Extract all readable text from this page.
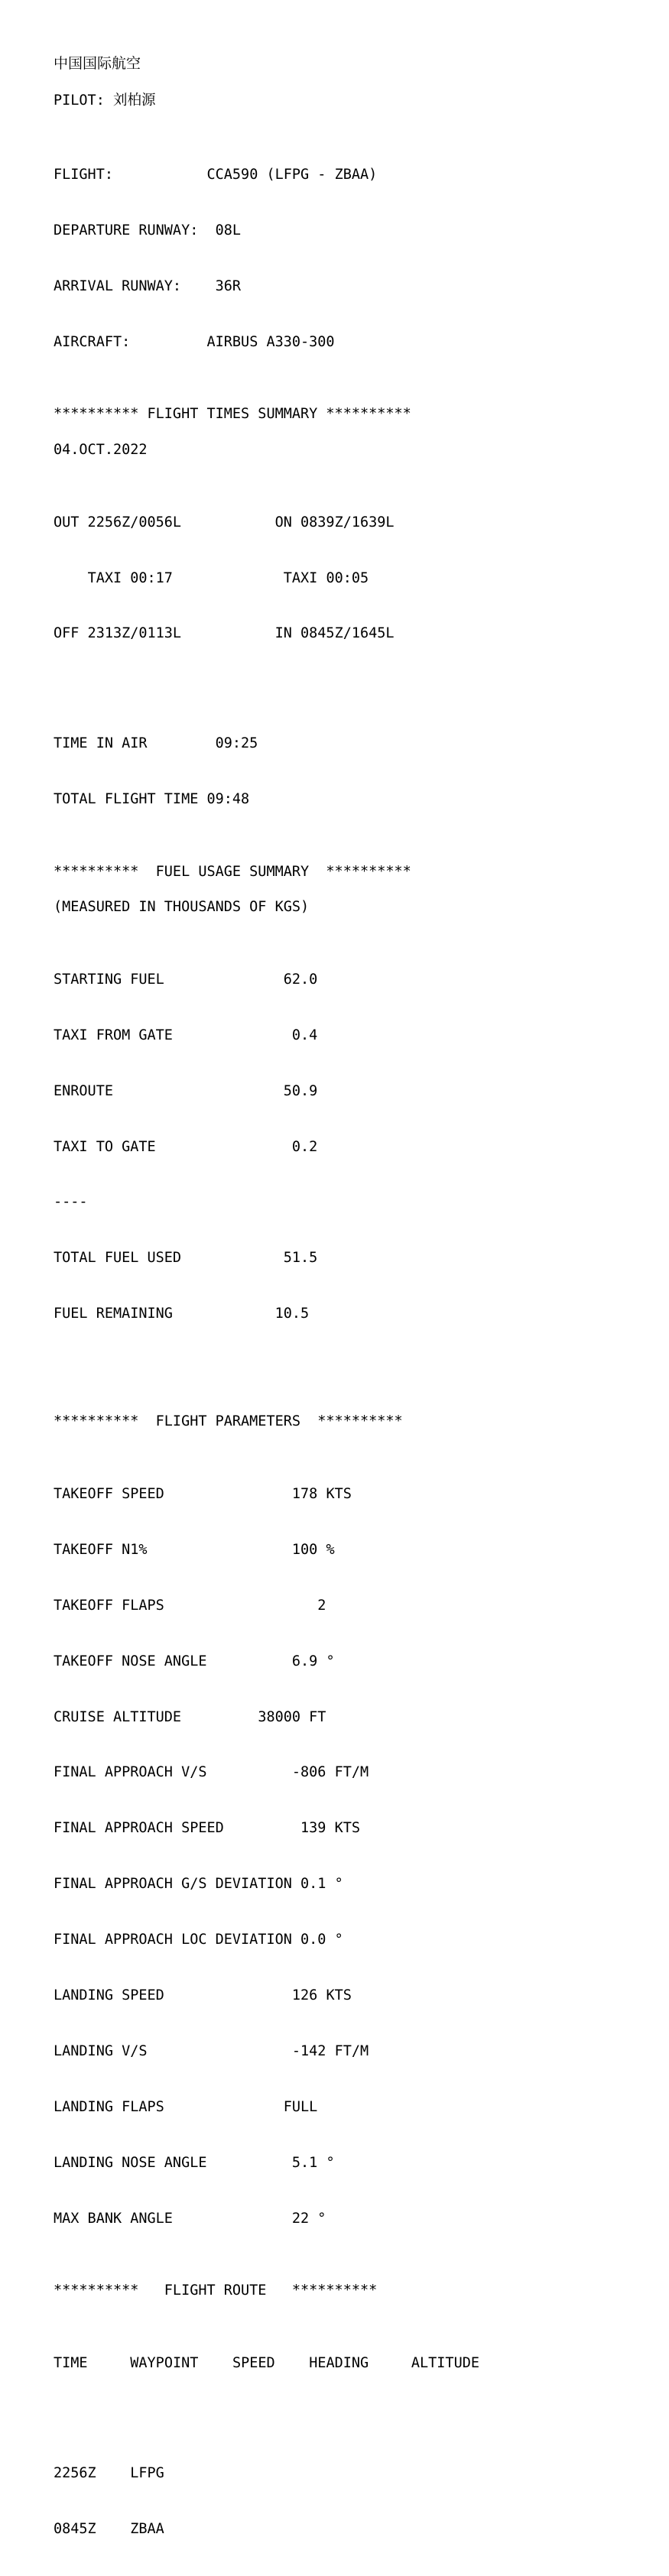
中国国际航空
PILOT: 刘柏源

FLIGHT:	CCA590 (LFPG - ZBAA)

DEPARTURE RUNWAY: 08L

ARRIVAL RUNWAY: 36R

AIRCRAFT:	AIRBUS A330-300

********** FLIGHT TIMES SUMMARY **********
04.OCT.2022

OUT 2256Z/0056L	ON 0839Z/1639L

TAXI 00:17	TAXI 00:05

OFF 2313Z/0113L	IN 0845Z/1645L

TIME IN AIR        09:25

TOTAL FLIGHT TIME 09:48

**********  FUEL USAGE SUMMARY  **********
(MEASURED IN THOUSANDS OF KGS)

STARTING FUEL	62.0

TAXI FROM GATE	0.4

ENROUTE	50.9

TAXI TO GATE	0.2

----

TOTAL FUEL USED	51.5

FUEL REMAINING	10.5

**********  FLIGHT PARAMETERS  **********

TAKEOFF SPEED	178 KTS

TAKEOFF N1%	100 %

TAKEOFF FLAPS	2

TAKEOFF NOSE ANGLE	6.9 °

CRUISE ALTITUDE	38000 FT

FINAL APPROACH V/S	-806 FT/M

FINAL APPROACH SPEED	139 KTS

FINAL APPROACH G/S DEVIATION 0.1 °

FINAL APPROACH LOC DEVIATION 0.0 °

LANDING SPEED	126 KTS

LANDING V/S	-142 FT/M

LANDING FLAPS	FULL

LANDING NOSE ANGLE	5.1 °

MAX BANK ANGLE	22 °

**********   FLIGHT ROUTE   **********

TIME	WAYPOINT SPEED HEADING	ALTITUDE

2256Z LFPG

0845Z ZBAA
